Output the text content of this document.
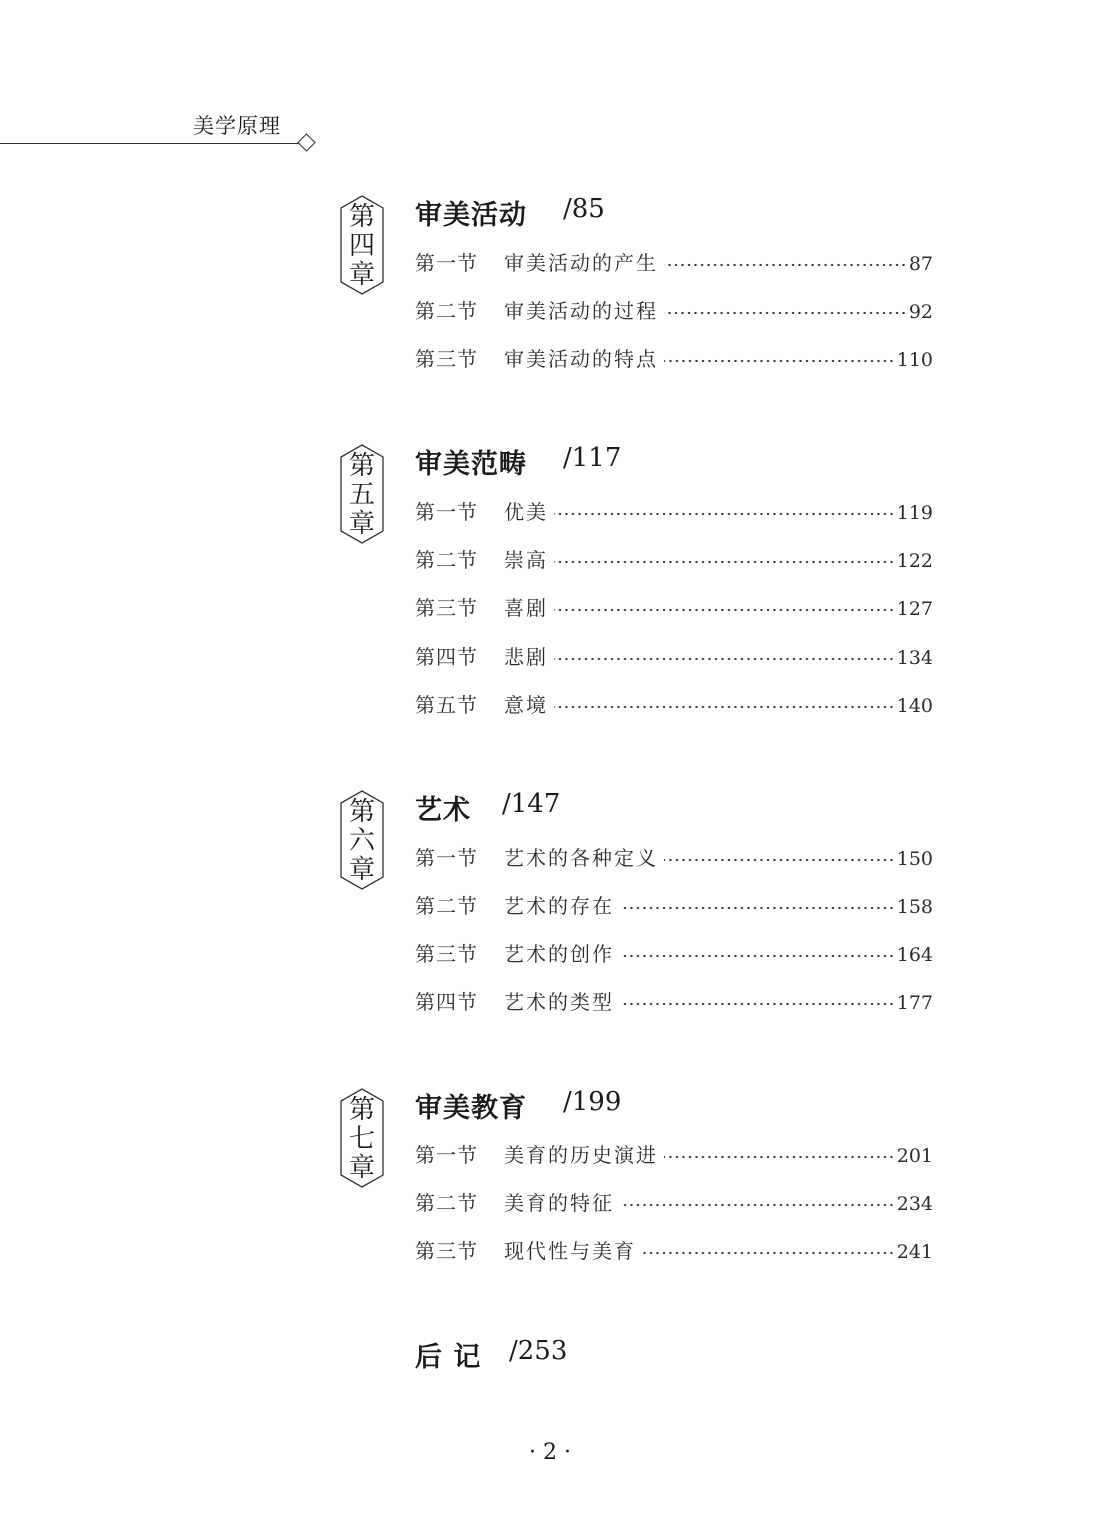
美学原理
第
四
章
审美活动 /85
第一节	审美活动的产生	87
第二节	审美活动的过程	92
第三节	审美活动的特点	110
第
五
章
审美范畴 /117
第一节	优美	119
第二节	崇高	122
第三节	喜剧	127
第四节	悲剧	134
第五节	意境	140
第
六
章
艺术 /147
第一节	艺术的各种定义	150
第二节	艺术的存在	158
第三节	艺术的创作	164
第四节	艺术的类型	177
第
七
章
审美教育 /199
第一节	美育的历史演进	201
第二节	美育的特征	234
第三节	现代性与美育	241
后 记 /253
· 2 ·
